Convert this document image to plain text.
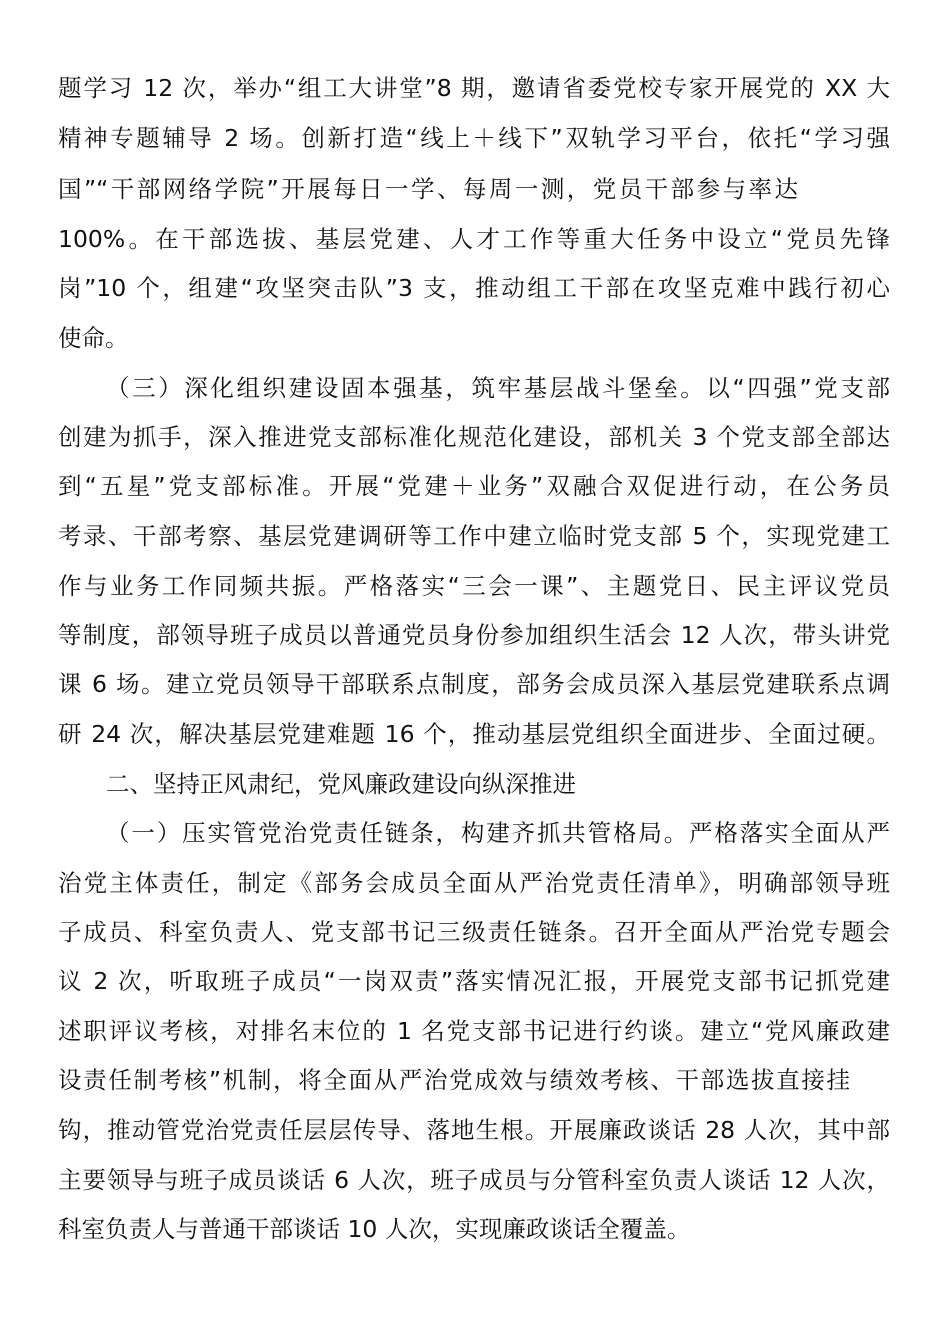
题学习 12 次，举办“组工大讲堂”8 期，邀请省委党校专家开展党的 XX 大
精神专题辅导 2 场。创新打造“线上＋线下”双轨学习平台，依托“学习强
国”“干部网络学院”开展每日一学、每周一测，党员干部参与率达
100%。在干部选拔、基层党建、人才工作等重大任务中设立“党员先锋
岗”10 个，组建“攻坚突击队”3 支，推动组工干部在攻坚克难中践行初心
使命。
（三）深化组织建设固本强基，筑牢基层战斗堡垒。以“四强”党支部
创建为抓手，深入推进党支部标准化规范化建设，部机关 3 个党支部全部达
到“五星”党支部标准。开展“党建＋业务”双融合双促进行动，在公务员
考录、干部考察、基层党建调研等工作中建立临时党支部 5 个，实现党建工
作与业务工作同频共振。严格落实“三会一课”、主题党日、民主评议党员
等制度，部领导班子成员以普通党员身份参加组织生活会 12 人次，带头讲党
课 6 场。建立党员领导干部联系点制度，部务会成员深入基层党建联系点调
研 24 次，解决基层党建难题 16 个，推动基层党组织全面进步、全面过硬。
二、坚持正风肃纪，党风廉政建设向纵深推进
（一）压实管党治党责任链条，构建齐抓共管格局。严格落实全面从严
治党主体责任，制定《部务会成员全面从严治党责任清单》，明确部领导班
子成员、科室负责人、党支部书记三级责任链条。召开全面从严治党专题会
议 2 次，听取班子成员“一岗双责”落实情况汇报，开展党支部书记抓党建
述职评议考核，对排名末位的 1 名党支部书记进行约谈。建立“党风廉政建
设责任制考核”机制，将全面从严治党成效与绩效考核、干部选拔直接挂
钩，推动管党治党责任层层传导、落地生根。开展廉政谈话 28 人次，其中部
主要领导与班子成员谈话 6 人次，班子成员与分管科室负责人谈话 12 人次，
科室负责人与普通干部谈话 10 人次，实现廉政谈话全覆盖。
